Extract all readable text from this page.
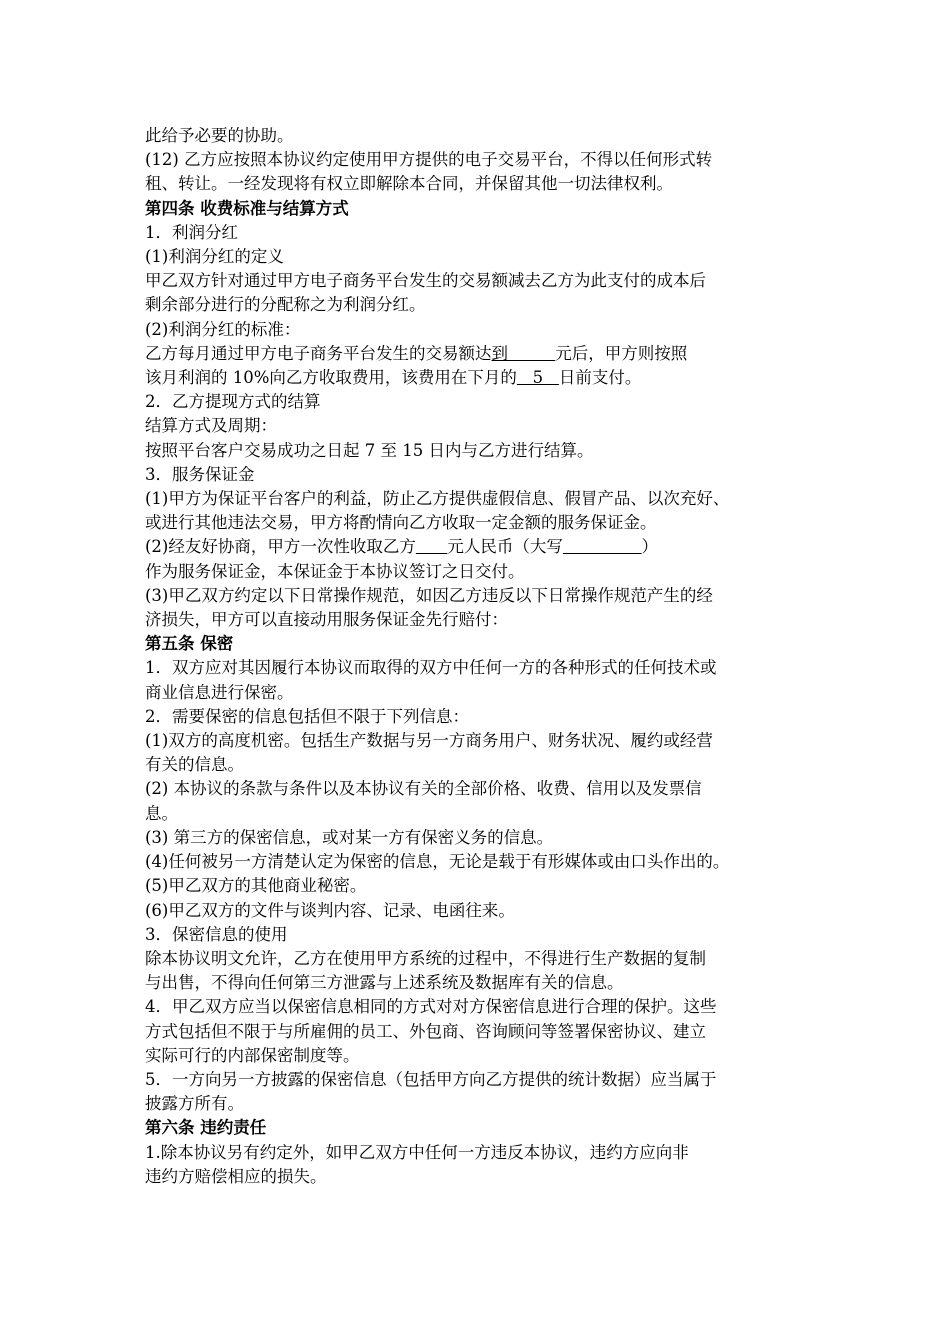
此给予必要的协助。
(12) 乙方应按照本协议约定使用甲方提供的电子交易平台，不得以任何形式转
租、转让。一经发现将有权立即解除本合同，并保留其他一切法律权利。
第四条 收费标准与结算方式
1．利润分红
(1)利润分红的定义
甲乙双方针对通过甲方电子商务平台发生的交易额减去乙方为此支付的成本后
剩余部分进行的分配称之为利润分红。
(2)利润分红的标准：
乙方每月通过甲方电子商务平台发生的交易额达到         元后，甲方则按照
该月利润的 10%向乙方收取费用，该费用在下月的   5   日前支付。
2．乙方提现方式的结算
结算方式及周期：
按照平台客户交易成功之日起 7 至 15 日内与乙方进行结算。
3．服务保证金
(1)甲方为保证平台客户的利益，防止乙方提供虚假信息、假冒产品、以次充好、
或进行其他违法交易，甲方将酌情向乙方收取一定金额的服务保证金。
(2)经友好协商，甲方一次性收取乙方 元人民币（大写	）
作为服务保证金，本保证金于本协议签订之日交付。
(3)甲乙双方约定以下日常操作规范，如因乙方违反以下日常操作规范产生的经
济损失，甲方可以直接动用服务保证金先行赔付：
第五条 保密
1．双方应对其因履行本协议而取得的双方中任何一方的各种形式的任何技术或
商业信息进行保密。
2．需要保密的信息包括但不限于下列信息：
(1)双方的高度机密。包括生产数据与另一方商务用户、财务状况、履约或经营
有关的信息。
(2) 本协议的条款与条件以及本协议有关的全部价格、收费、信用以及发票信
息。
(3) 第三方的保密信息，或对某一方有保密义务的信息。
(4)任何被另一方清楚认定为保密的信息，无论是载于有形媒体或由口头作出的。
(5)甲乙双方的其他商业秘密。
(6)甲乙双方的文件与谈判内容、记录、电函往来。
3．保密信息的使用
除本协议明文允许，乙方在使用甲方系统的过程中，不得进行生产数据的复制
与出售，不得向任何第三方泄露与上述系统及数据库有关的信息。
4．甲乙双方应当以保密信息相同的方式对对方保密信息进行合理的保护。这些
方式包括但不限于与所雇佣的员工、外包商、咨询顾问等签署保密协议、建立
实际可行的内部保密制度等。
5．一方向另一方披露的保密信息（包括甲方向乙方提供的统计数据）应当属于
披露方所有。
第六条 违约责任
1.除本协议另有约定外，如甲乙双方中任何一方违反本协议，违约方应向非
违约方赔偿相应的损失。
